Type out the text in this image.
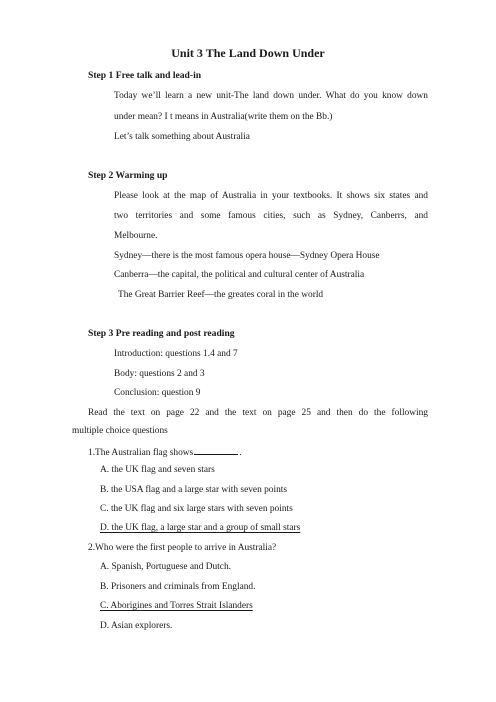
Unit 3 The Land Down Under
Step 1 Free talk and lead-in
Today we’ll learn a new unit-The land down under. What do you know down
under mean? I t means in Australia(write them on the Bb.)
Let’s talk something about Australia
Step 2 Warming up
Please look at the map of Australia in your textbooks. It shows six states and
two territories and some famous cities, such as Sydney, Canberrs, and
Melbourne.
Sydney—there is the most famous opera house—Sydney Opera House
Canberra—the capital, the political and cultural center of Australia
The Great Barrier Reef—the greates coral in the world
Step 3 Pre reading and post reading
Introduction: questions 1.4 and 7
Body: questions 2 and 3
Conclusion: question 9
Read the text on page 22 and the text on page 25 and then do the following
multiple choice questions
1.The Australian flag shows	.
A. the UK flag and seven stars
B. the USA flag and a large star with seven points
C. the UK flag and six large stars with seven points
D. the UK flag, a large star and a group of small stars
2.Who were the first people to arrive in Australia?
A. Spanish, Portuguese and Dutch.
B. Prisoners and criminals from England.
C. Aborigines and Torres Strait Islanders
D. Asian explorers.
